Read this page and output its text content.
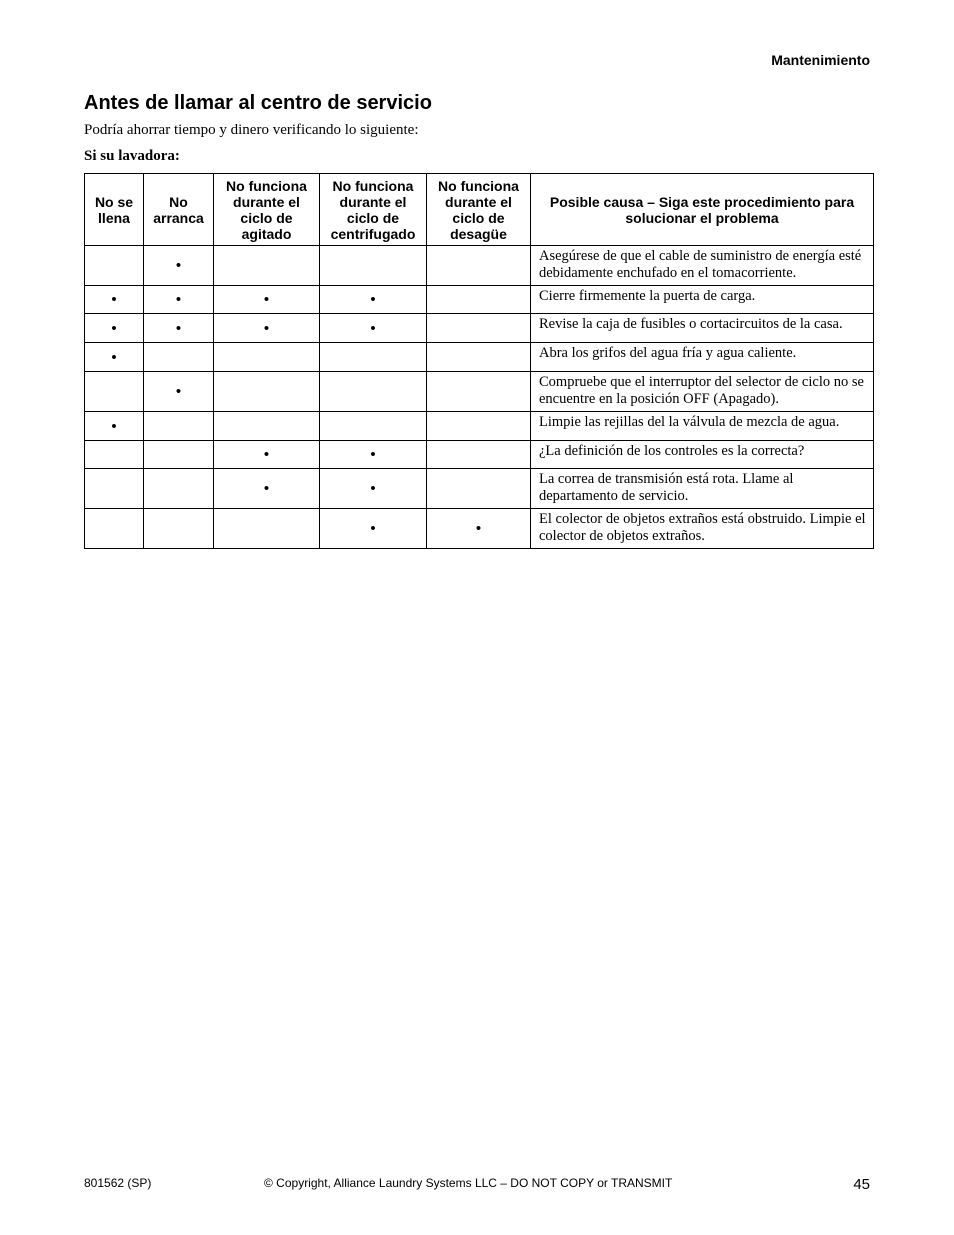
Mantenimiento
Antes de llamar al centro de servicio

Podría ahorrar tiempo y dinero verificando lo siguiente:

Si su lavadora:

No se llena	No arranca	No funciona durante el ciclo de agitado	No funciona durante el ciclo de centrifugado	No funciona durante el ciclo de desagüe	Posible causa – Siga este procedimiento para solucionar el problema
	•				Asegúrese de que el cable de suministro de energía esté debidamente enchufado en el tomacorriente.
•	•	•	•		Cierre firmemente la puerta de carga.
•	•	•	•		Revise la caja de fusibles o cortacircuitos de la casa.
•					Abra los grifos del agua fría y agua caliente.
	•				Compruebe que el interruptor del selector de ciclo no se encuentre en la posición OFF (Apagado).
•					Limpie las rejillas del la válvula de mezcla de agua.
		•	•		¿La definición de los controles es la correcta?
		•	•		La correa de transmisión está rota. Llame al departamento de servicio.
			•	•	El colector de objetos extraños está obstruido. Limpie el colector de objetos extraños.
801562 (SP)	© Copyright, Alliance Laundry Systems LLC – DO NOT COPY or TRANSMIT	45
